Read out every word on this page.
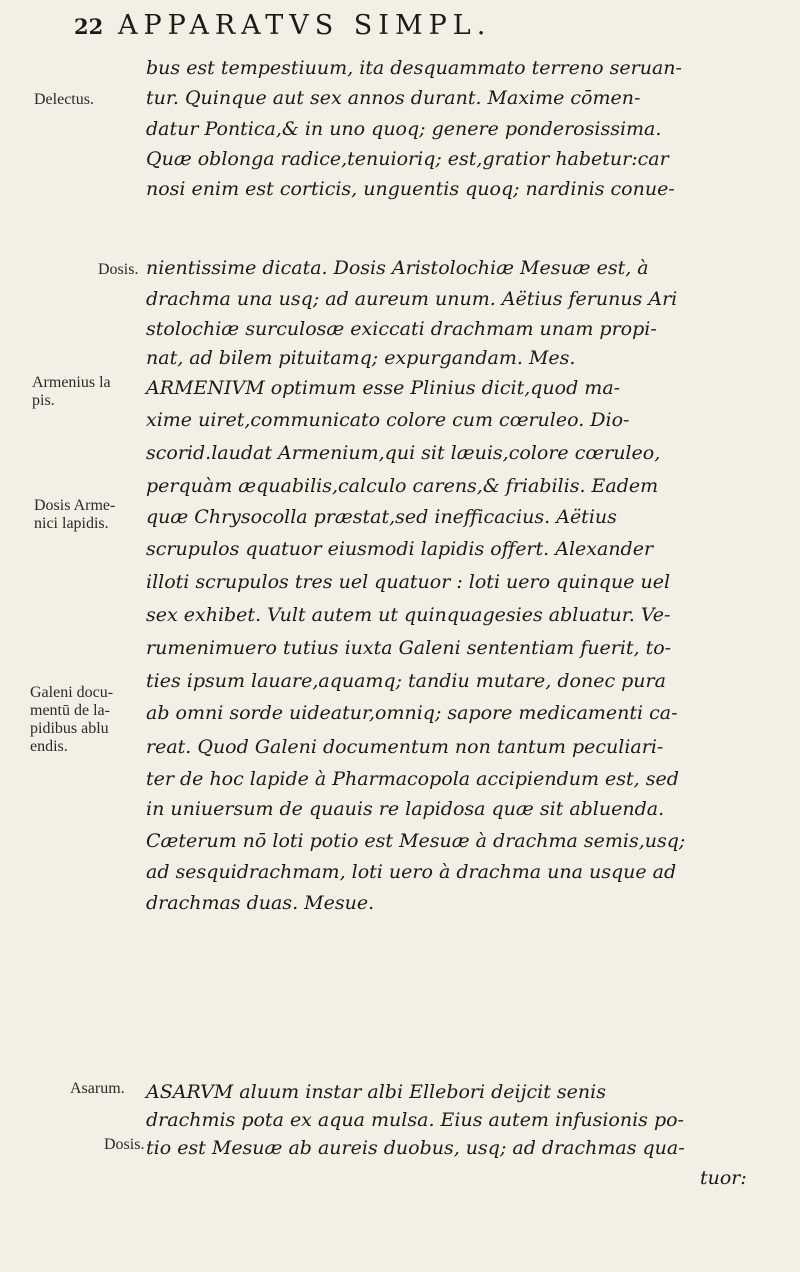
22 APPARATVS SIMPL.
Delectus.
Dosis.
Armenius la
pis.
Dosis Arme-
nici lapidis.
Galeni docu-
mentū de la-
pidibus ablu
endis.
Asarum.
Dosis.
bus est tempestiuum, ita desquammato terreno seruan-
tur. Quinque aut sex annos durant. Maxime cōmen-
datur Pontica,& in uno quoq; genere ponderosissima.
Quæ oblonga radice,tenuioriq; est,gratior habetur:car
nosi enim est corticis, unguentis quoq; nardinis conue-
nientissime dicata. Dosis Aristolochiæ Mesuæ est, à
drachma una usq; ad aureum unum. Aëtius ferunus Ari
stolochiæ surculosæ exiccati drachmam unam propi-
nat, ad bilem pituitamq; expurgandam. Mes.
ARMENIVM optimum esse Plinius dicit,quod ma-
xime uiret,communicato colore cum cœruleo. Dio-
scorid.laudat Armenium,qui sit læuis,colore cœruleo,
perquàm æquabilis,calculo carens,& friabilis. Eadem
quæ Chrysocolla præstat,sed inefficacius. Aëtius
scrupulos quatuor eiusmodi lapidis offert. Alexander
illoti scrupulos tres uel quatuor : loti uero quinque uel
sex exhibet. Vult autem ut quinquagesies abluatur. Ve-
rumenimuero tutius iuxta Galeni sententiam fuerit, to-
ties ipsum lauare,aquamq; tandiu mutare, donec pura
ab omni sorde uideatur,omniq; sapore medicamenti ca-
reat. Quod Galeni documentum non tantum peculiari-
ter de hoc lapide à Pharmacopola accipiendum est, sed
in uniuersum de quauis re lapidosa quæ sit abluenda.
Cæterum nō loti potio est Mesuæ à drachma semis,usq;
ad sesquidrachmam, loti uero à drachma una usque ad
drachmas duas. Mesue.
ASARVM aluum instar albi Ellebori deijcit senis
drachmis pota ex aqua mulsa. Eius autem infusionis po-
tio est Mesuæ ab aureis duobus, usq; ad drachmas qua-
tuor:
